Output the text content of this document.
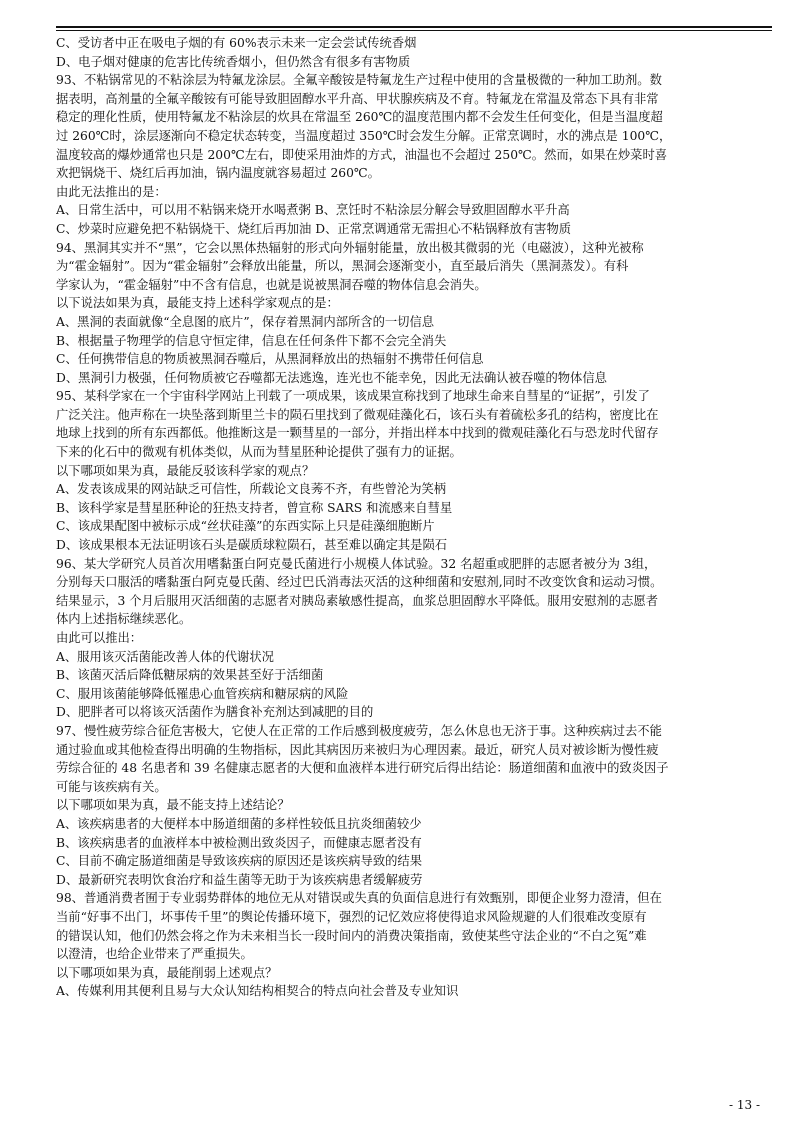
C、受访者中正在吸电子烟的有 60%表示未来一定会尝试传统香烟
D、电子烟对健康的危害比传统香烟小，但仍然含有很多有害物质
93、不粘锅常见的不粘涂层为特氟龙涂层。全氟辛酸铵是特氟龙生产过程中使用的含量极微的一种加工助剂。数
据表明，高剂量的全氟辛酸铵有可能导致胆固醇水平升高、甲状腺疾病及不育。特氟龙在常温及常态下具有非常
稳定的理化性质，使用特氟龙不粘涂层的炊具在常温至 260℃的温度范围内都不会发生任何变化，但是当温度超
过 260℃时，涂层逐渐向不稳定状态转变，当温度超过 350℃时会发生分解。正常烹调时，水的沸点是 100℃，
温度较高的爆炒通常也只是 200℃左右，即使采用油炸的方式，油温也不会超过 250℃。然而，如果在炒菜时喜
欢把锅烧干、烧红后再加油，锅内温度就容易超过 260℃。
由此无法推出的是：
A、日常生活中，可以用不粘锅来烧开水喝煮粥 B、烹饪时不粘涂层分解会导致胆固醇水平升高
C、炒菜时应避免把不粘锅烧干、烧红后再加油 D、正常烹调通常无需担心不粘锅释放有害物质
94、黑洞其实并不“黑”，它会以黑体热辐射的形式向外辐射能量，放出极其微弱的光（电磁波），这种光被称
为“霍金辐射”。因为“霍金辐射”会释放出能量，所以，黑洞会逐渐变小，直至最后消失（黑洞蒸发）。有科
学家认为，“霍金辐射”中不含有信息，也就是说被黑洞吞噬的物体信息会消失。
以下说法如果为真，最能支持上述科学家观点的是：
A、黑洞的表面就像“全息图的底片”，保存着黑洞内部所含的一切信息
B、根据量子物理学的信息守恒定律，信息在任何条件下都不会完全消失
C、任何携带信息的物质被黑洞吞噬后，从黑洞释放出的热辐射不携带任何信息
D、黑洞引力极强，任何物质被它吞噬都无法逃逸，连光也不能幸免，因此无法确认被吞噬的物体信息
95、某科学家在一个宇宙科学网站上刊载了一项成果，该成果宣称找到了地球生命来自彗星的“证据”，引发了
广泛关注。他声称在一块坠落到斯里兰卡的陨石里找到了微观硅藻化石，该石头有着硫松多孔的结构，密度比在
地球上找到的所有东西都低。他推断这是一颗彗星的一部分，并指出样本中找到的微观硅藻化石与恐龙时代留存
下来的化石中的微观有机体类似，从而为彗星胚种论提供了强有力的证据。
以下哪项如果为真，最能反驳该科学家的观点？
A、发表该成果的网站缺乏可信性，所载论文良莠不齐，有些曾沦为笑柄
B、该科学家是彗星胚种论的狂热支持者，曾宣称 SARS 和流感来自彗星
C、该成果配图中被标示成“丝状硅藻”的东西实际上只是硅藻细胞断片
D、该成果根本无法证明该石头是碳质球粒陨石，甚至难以确定其是陨石
96、某大学研究人员首次用嗜黏蛋白阿克曼氏菌进行小规模人体试验。32 名超重或肥胖的志愿者被分为 3组，
分别每天口服活的嗜黏蛋白阿克曼氏菌、经过巴氏消毒法灭活的这种细菌和安慰剂,同时不改变饮食和运动习惯。
结果显示，3 个月后服用灭活细菌的志愿者对胰岛素敏感性提高，血浆总胆固醇水平降低。服用安慰剂的志愿者
体内上述指标继续恶化。
由此可以推出：
A、服用该灭活菌能改善人体的代谢状况
B、该菌灭活后降低糖尿病的效果甚至好于活细菌
C、服用该菌能够降低罹患心血管疾病和糖尿病的风险
D、肥胖者可以将该灭活菌作为膳食补充剂达到减肥的目的
97、慢性疲劳综合征危害极大，它使人在正常的工作后感到极度疲劳，怎么休息也无济于事。这种疾病过去不能
通过验血或其他检查得出明确的生物指标，因此其病因历来被归为心理因素。最近，研究人员对被诊断为慢性疲
劳综合征的 48 名患者和 39 名健康志愿者的大便和血液样本进行研究后得出结论：肠道细菌和血液中的致炎因子
可能与该疾病有关。
以下哪项如果为真，最不能支持上述结论？
A、该疾病患者的大便样本中肠道细菌的多样性较低且抗炎细菌较少
B、该疾病患者的血液样本中被检测出致炎因子，而健康志愿者没有
C、目前不确定肠道细菌是导致该疾病的原因还是该疾病导致的结果
D、最新研究表明饮食治疗和益生菌等无助于为该疾病患者缓解疲劳
98、普通消费者囿于专业弱势群体的地位无从对错误或失真的负面信息进行有效甄别，即便企业努力澄清，但在
当前“好事不出门，坏事传千里”的舆论传播环境下，强烈的记忆效应将使得追求风险规避的人们很难改变原有
的错误认知，他们仍然会将之作为未来相当长一段时间内的消费决策指南，致使某些守法企业的“不白之冤”难
以澄清，也给企业带来了严重损失。
以下哪项如果为真，最能削弱上述观点？
A、传媒利用其便利且易与大众认知结构相契合的特点向社会普及专业知识
- 13 -
